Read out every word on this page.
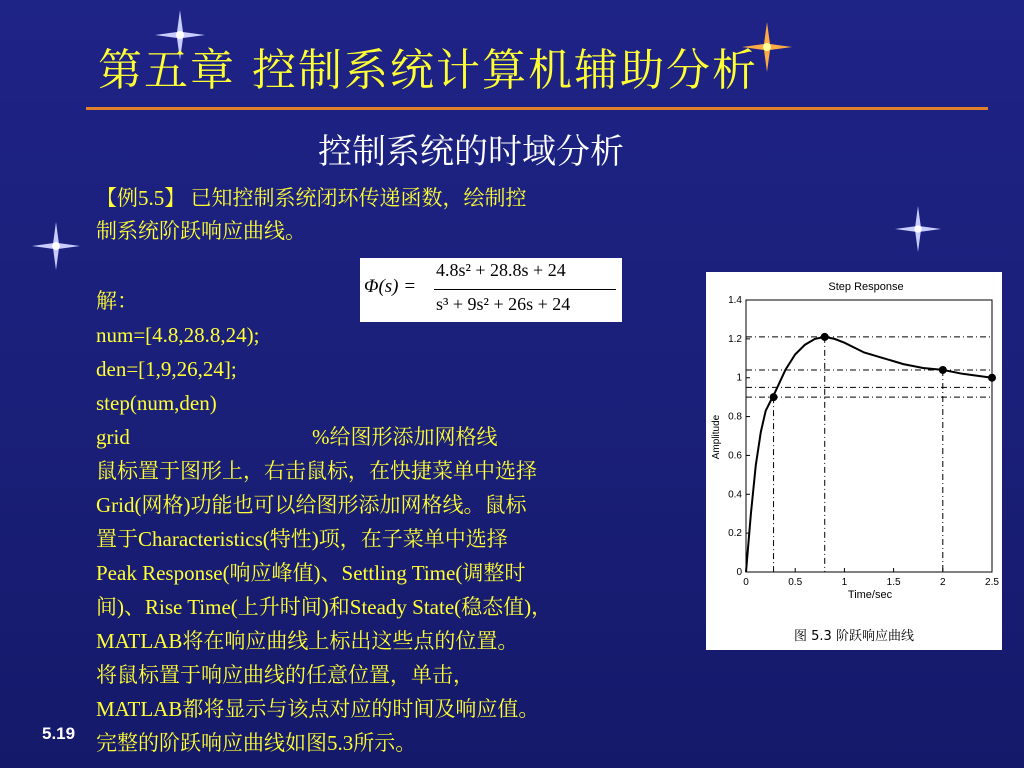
第五章 控制系统计算机辅助分析
控制系统的时域分析
【例5.5】 已知控制系统闭环传递函数，绘制控
制系统阶跃响应曲线。
解：
num=[4.8,28.8,24);
den=[1,9,26,24];
step(num,den)
grid	%给图形添加网格线
鼠标置于图形上，右击鼠标，在快捷菜单中选择
Grid(网格)功能也可以给图形添加网格线。鼠标
置于Characteristics(特性)项，在子菜单中选择
Peak Response(响应峰值)、Settling Time(调整时
间)、Rise Time(上升时间)和Steady State(稳态值)，
MATLAB将在响应曲线上标出这些点的位置。
将鼠标置于响应曲线的任意位置，单击，
MATLAB都将显示与该点对应的时间及响应值。
完整的阶跃响应曲线如图5.3所示。
Φ(s) =
4.8s² + 28.8s + 24
s³ + 9s² + 26s + 24
Step Response
Amplitude
Time/sec
图 5.3 阶跃响应曲线
0	0.5	1	1.5	2	2.5
0
0.2
0.4
0.6
0.8
1
1.2
1.4
5.19
